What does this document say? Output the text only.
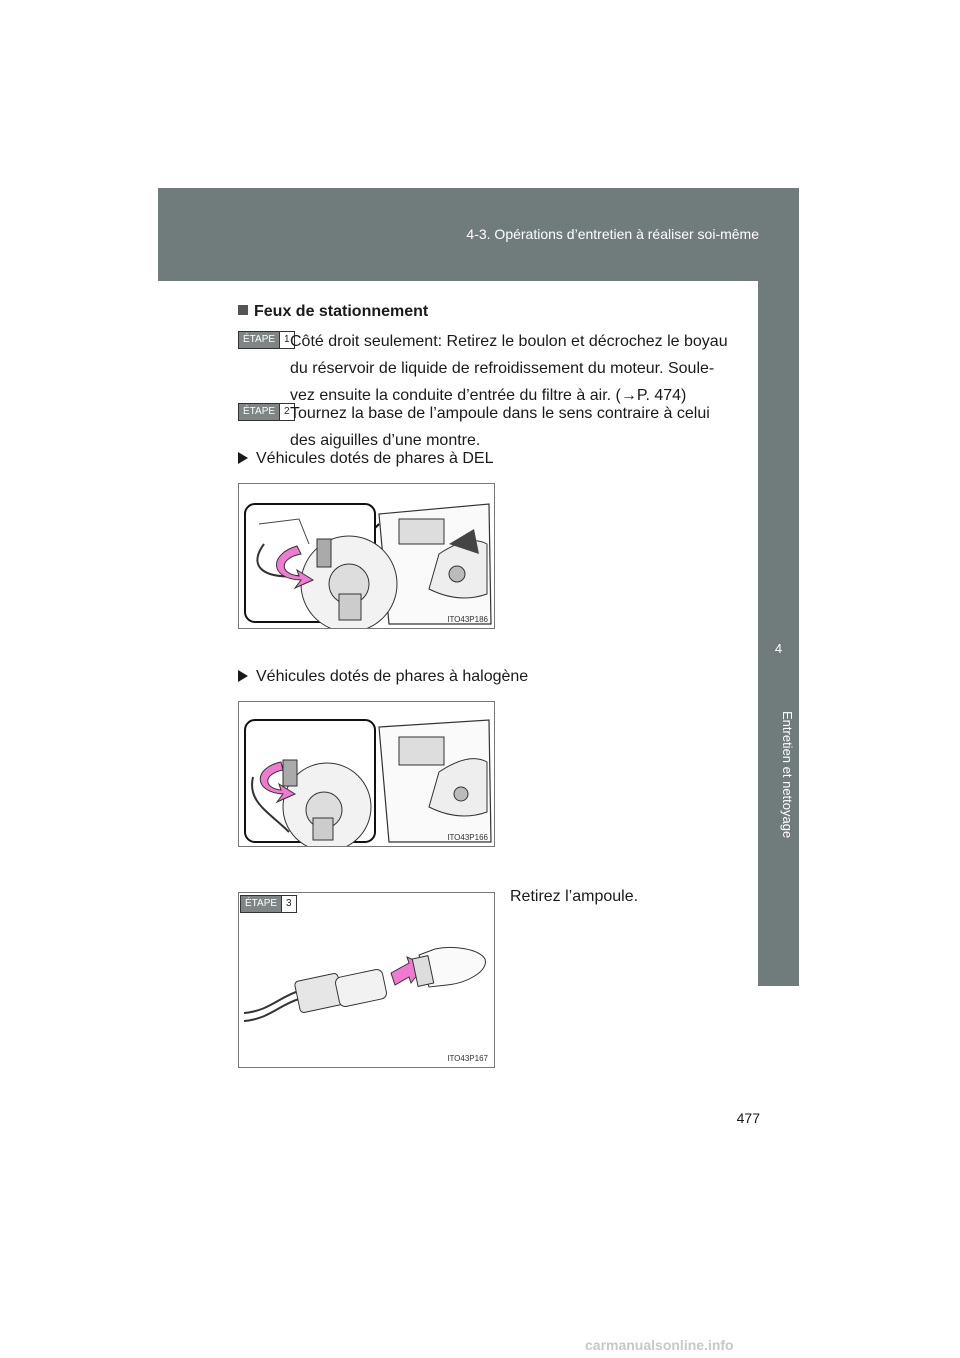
4-3. Opérations d’entretien à réaliser soi-même
4
Entretien et nettoyage
Feux de stationnement
ÉTAPE 1 Côté droit seulement: Retirez le boulon et décrochez le boyau
du réservoir de liquide de refroidissement du moteur. Soule-
vez ensuite la conduite d’entrée du filtre à air. (→P. 474)
ÉTAPE 2 Tournez la base de l’ampoule dans le sens contraire à celui
des aiguilles d’une montre.
Véhicules dotés de phares à DEL
ITO43P186
Véhicules dotés de phares à halogène
ITO43P166
ITO43P167
ÉTAPE 3	Retirez l’ampoule.
477
carmanualsonline.info
